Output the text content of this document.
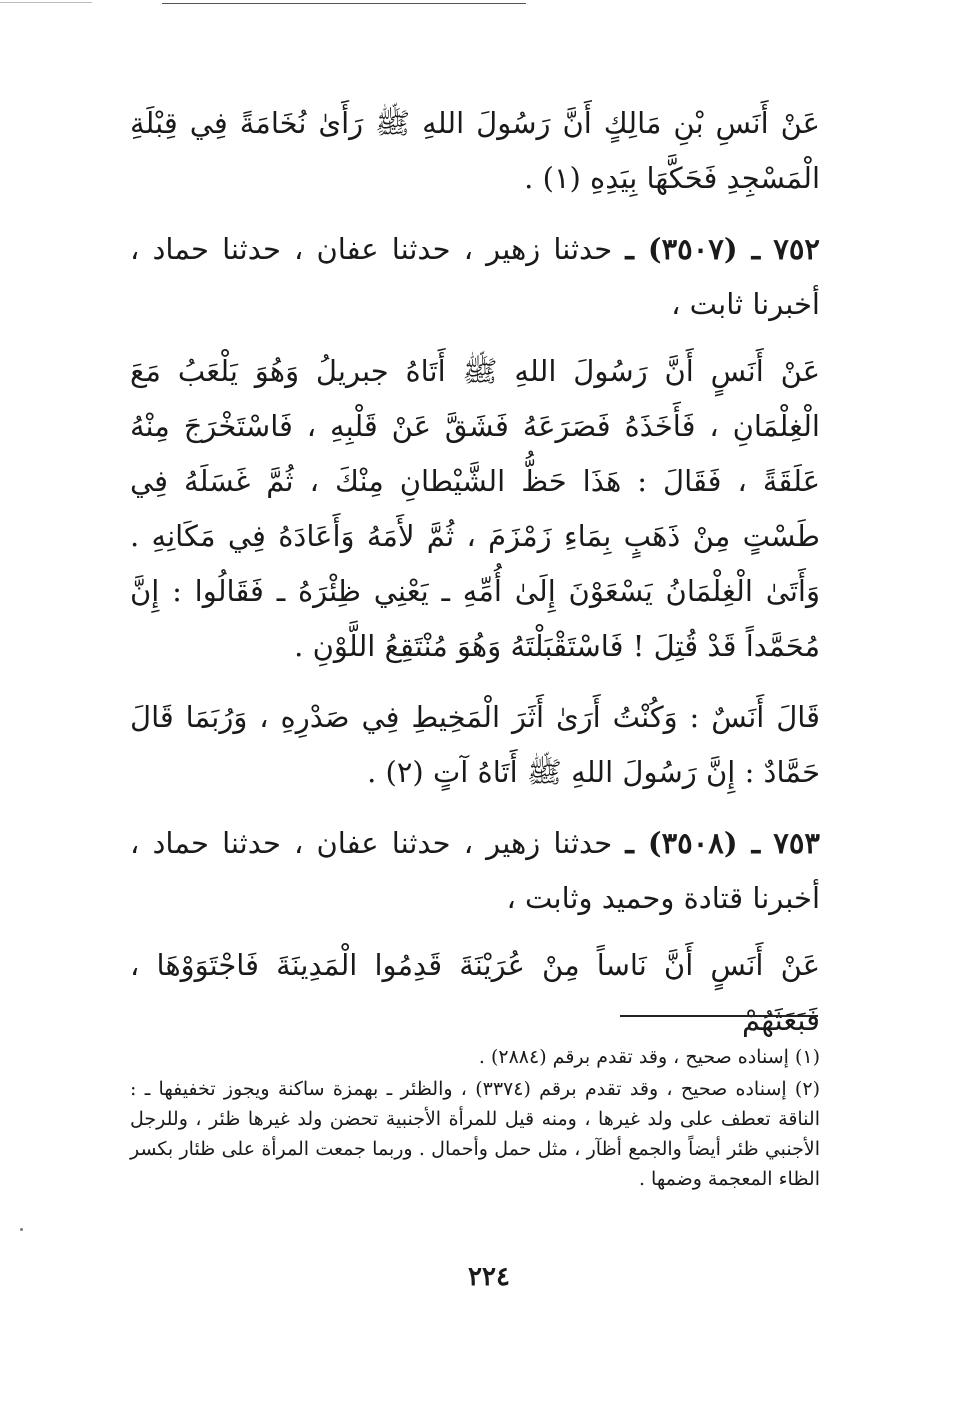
عَنْ أَنَسِ بْنِ مَالِكٍ أَنَّ رَسُولَ اللهِ ﷺ رَأَىٰ نُخَامَةً فِي قِبْلَةِ الْمَسْجِدِ فَحَكَّهَا بِيَدِهِ (١) .

٧٥٢ ـ (٣٥٠٧) ـ حدثنا زهير ، حدثنا عفان ، حدثنا حماد ، أخبرنا ثابت ،

عَنْ أَنَسٍ أَنَّ رَسُولَ اللهِ ﷺ أَتَاهُ جبريلُ وَهُوَ يَلْعَبُ مَعَ الْغِلْمَانِ ، فَأَخَذَهُ فَصَرَعَهُ فَشَقَّ عَنْ قَلْبِهِ ، فَاسْتَخْرَجَ مِنْهُ عَلَقَةً ، فَقَالَ : هَذَا حَظُّ الشَّيْطانِ مِنْكَ ، ثُمَّ غَسَلَهُ فِي طَسْتٍ مِنْ ذَهَبٍ بِمَاءِ زَمْزَمَ ، ثُمَّ لأَمَهُ وَأَعَادَهُ فِي مَكَانِهِ . وَأَتَىٰ الْغِلْمَانُ يَسْعَوْنَ إِلَىٰ أُمِّهِ ـ يَعْنِي ظِئْرَهُ ـ فَقَالُوا : إِنَّ مُحَمَّداً قَدْ قُتِلَ ! فَاسْتَقْبَلْتَهُ وَهُوَ مُنْتَقِعُ اللَّوْنِ .

قَالَ أَنَسٌ : وَكُنْتُ أَرَىٰ أَثَرَ الْمَخِيطِ فِي صَدْرِهِ ، وَرُبَمَا قَالَ حَمَّادٌ : إِنَّ رَسُولَ اللهِ ﷺ أَتَاهُ آتٍ (٢) .

٧٥٣ ـ (٣٥٠٨) ـ حدثنا زهير ، حدثنا عفان ، حدثنا حماد ، أخبرنا قتادة وحميد وثابت ،

عَنْ أَنَسٍ أَنَّ نَاساً مِنْ عُرَيْنَةَ قَدِمُوا الْمَدِينَةَ فَاجْتَوَوْهَا ، فَبَعَثَهُمْ

(١) إسناده صحيح ، وقد تقدم برقم (٢٨٨٤) .

(٢) إسناده صحيح ، وقد تقدم برقم (٣٣٧٤) ، والظئر ـ بهمزة ساكنة ويجوز تخفيفها ـ : الناقة تعطف على ولد غيرها ، ومنه قيل للمرأة الأجنبية تحضن ولد غيرها ظئر ، وللرجل الأجنبي ظئر أيضاً والجمع أظآر ، مثل حمل وأحمال . وربما جمعت المرأة على ظئار بكسر الظاء المعجمة وضمها .

٢٢٤
